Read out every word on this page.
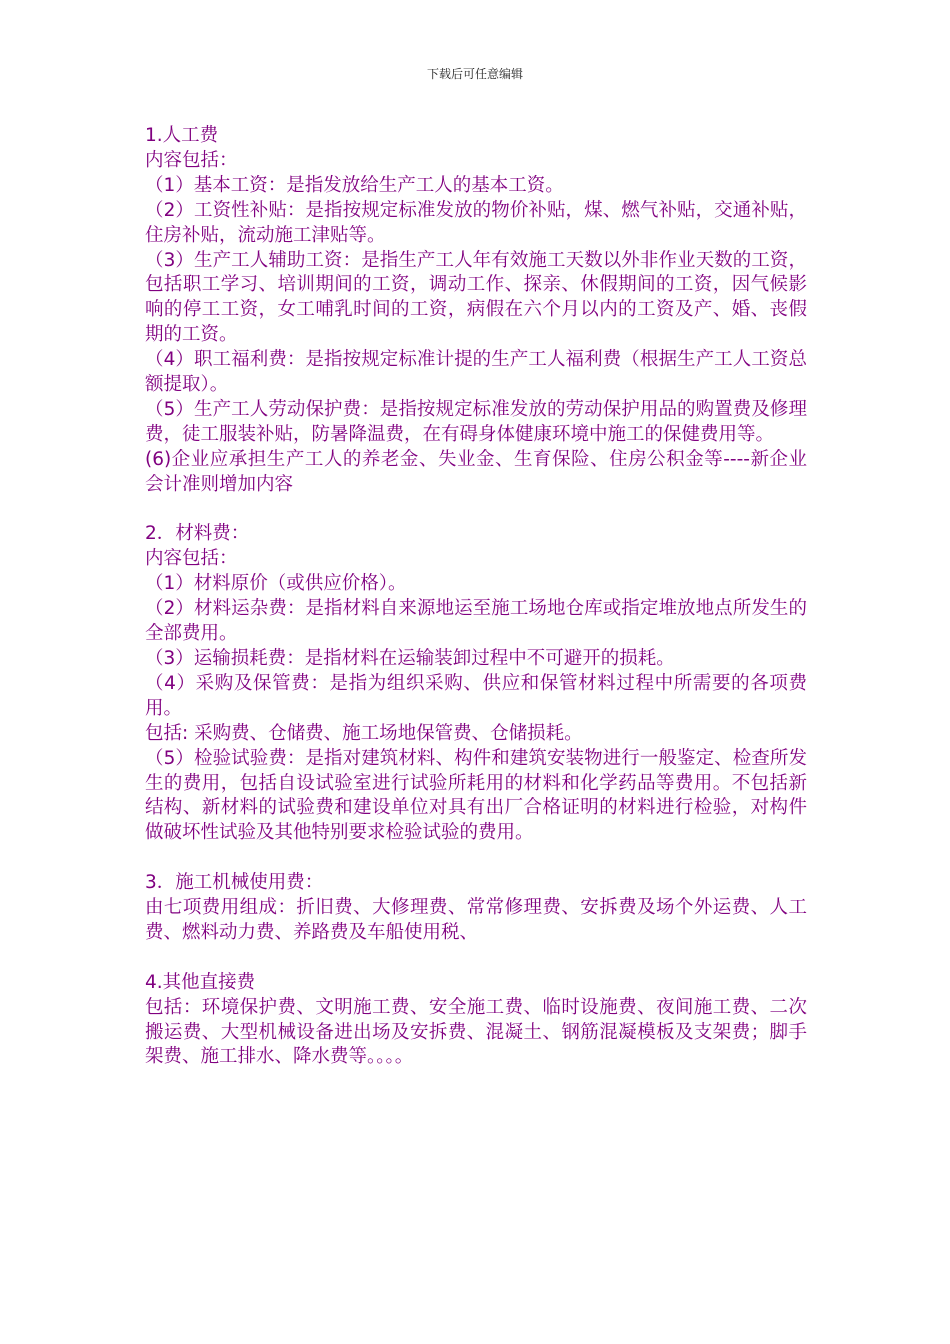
下载后可任意编辑
1.人工费
内容包括：
（1）基本工资：是指发放给生产工人的基本工资。
（2）工资性补贴：是指按规定标准发放的物价补贴，煤、燃气补贴，交通补贴，住房补贴，流动施工津贴等。
（3）生产工人辅助工资：是指生产工人年有效施工天数以外非作业天数的工资，包括职工学习、培训期间的工资，调动工作、探亲、休假期间的工资，因气候影响的停工工资，女工哺乳时间的工资，病假在六个月以内的工资及产、婚、丧假期的工资。
（4）职工福利费：是指按规定标准计提的生产工人福利费（根据生产工人工资总额提取）。
（5）生产工人劳动保护费：是指按规定标准发放的劳动保护用品的购置费及修理费，徒工服装补贴，防暑降温费，在有碍身体健康环境中施工的保健费用等。
(6)企业应承担生产工人的养老金、失业金、生育保险、住房公积金等----新企业会计准则增加内容
2．材料费：
内容包括：
（1）材料原价（或供应价格）。
（2）材料运杂费：是指材料自来源地运至施工场地仓库或指定堆放地点所发生的全部费用。
（3）运输损耗费：是指材料在运输装卸过程中不可避开的损耗。
（4）采购及保管费：是指为组织采购、供应和保管材料过程中所需要的各项费用。
包括: 采购费、仓储费、施工场地保管费、仓储损耗。
（5）检验试验费：是指对建筑材料、构件和建筑安装物进行一般鉴定、检查所发生的费用，包括自设试验室进行试验所耗用的材料和化学药品等费用。不包括新结构、新材料的试验费和建设单位对具有出厂合格证明的材料进行检验，对构件做破坏性试验及其他特别要求检验试验的费用。
3．施工机械使用费：
由七项费用组成：折旧费、大修理费、常常修理费、安拆费及场个外运费、人工费、燃料动力费、养路费及车船使用税、
4.其他直接费
包括：环境保护费、文明施工费、安全施工费、临时设施费、夜间施工费、二次搬运费、大型机械设备进出场及安拆费、混凝土、钢筋混凝模板及支架费；脚手架费、施工排水、降水费等。。。。
